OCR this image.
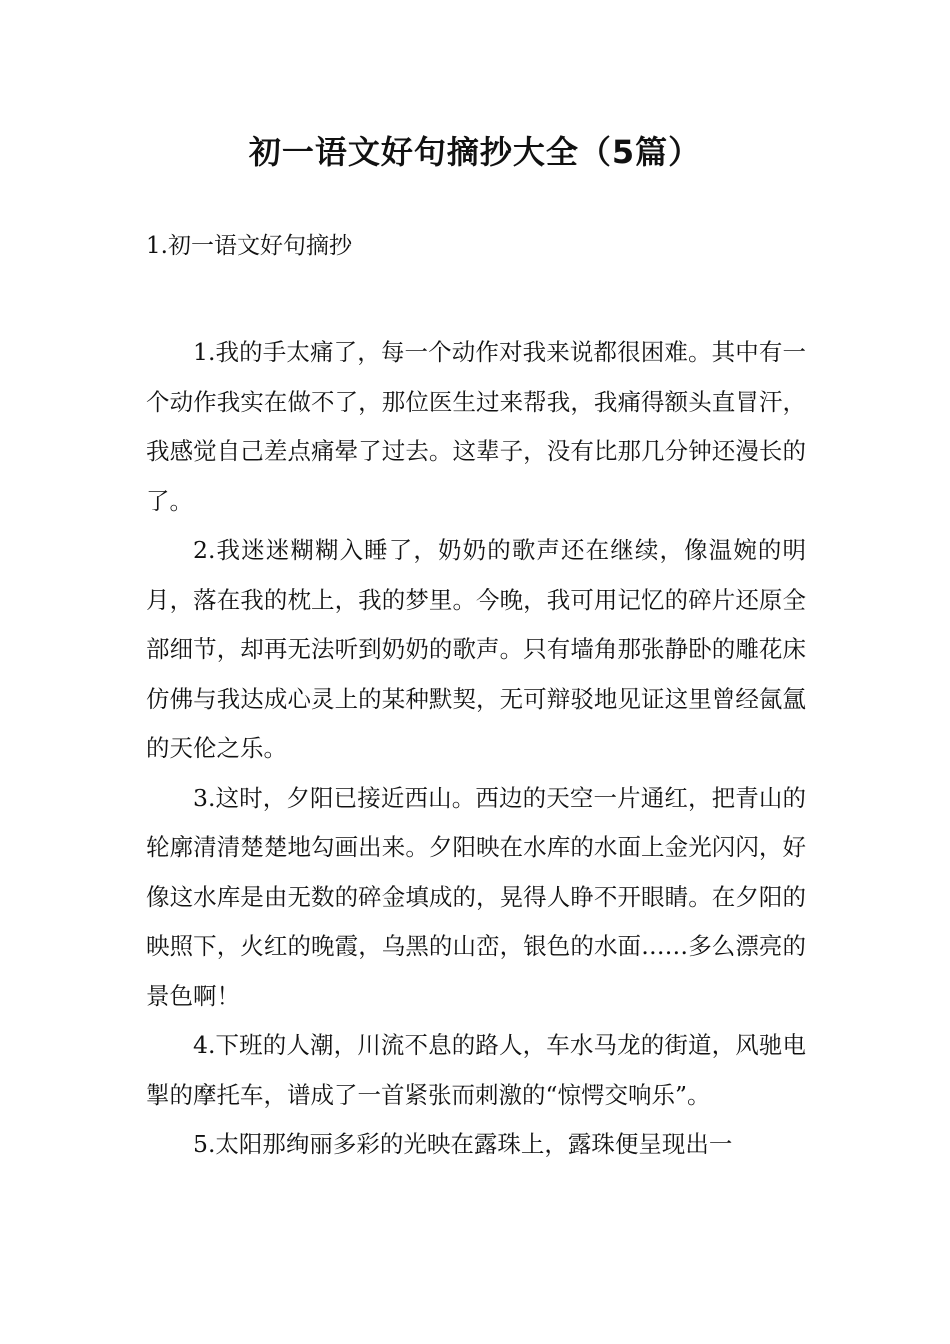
初一语文好句摘抄大全（5篇）
1.初一语文好句摘抄

1.我的手太痛了，每一个动作对我来说都很困难。其中有一个动作我实在做不了，那位医生过来帮我，我痛得额头直冒汗，我感觉自己差点痛晕了过去。这辈子，没有比那几分钟还漫长的了。

2.我迷迷糊糊入睡了，奶奶的歌声还在继续，像温婉的明月，落在我的枕上，我的梦里。今晚，我可用记忆的碎片还原全部细节，却再无法听到奶奶的歌声。只有墙角那张静卧的雕花床仿佛与我达成心灵上的某种默契，无可辩驳地见证这里曾经氤氲的天伦之乐。

3.这时，夕阳已接近西山。西边的天空一片通红，把青山的轮廓清清楚楚地勾画出来。夕阳映在水库的水面上金光闪闪，好像这水库是由无数的碎金填成的，晃得人睁不开眼睛。在夕阳的映照下，火红的晚霞，乌黑的山峦，银色的水面……多么漂亮的景色啊！

4.下班的人潮，川流不息的路人，车水马龙的街道，风驰电掣的摩托车，谱成了一首紧张而刺激的“惊愕交响乐”。

5.太阳那绚丽多彩的光映在露珠上，露珠便呈现出一
